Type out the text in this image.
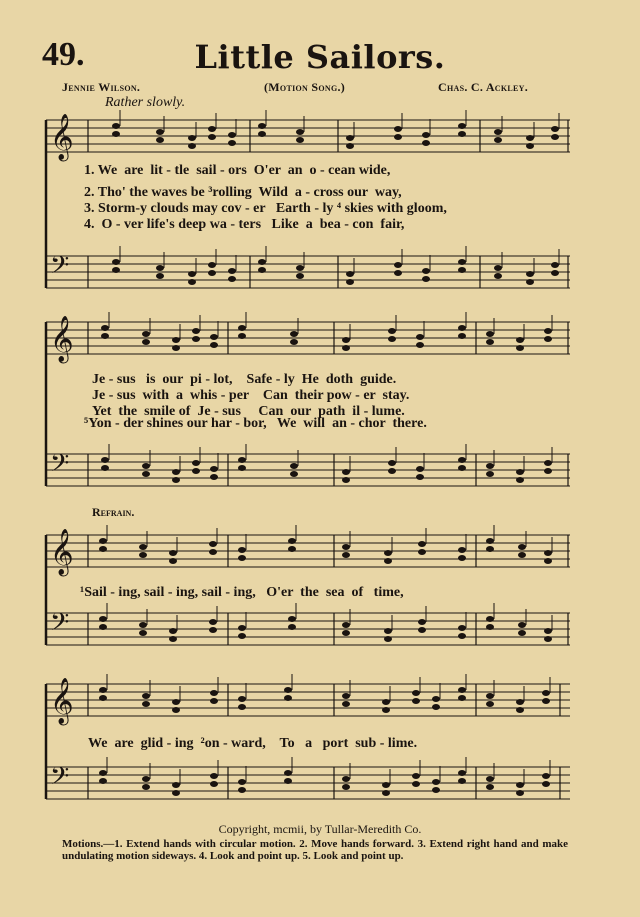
49.	Little Sailors.
Jennie Wilson.	(Motion Song.)	Chas. C. Ackley.
Rather slowly.
Refrain.
𝄞
𝄢
𝄞
𝄢
𝄞
𝄢
𝄞
𝄢
1. We  are  lit - tle  sail - ors  O'er  an  o - cean wide,
2. Tho' the waves be ³rolling  Wild  a - cross our  way,
3. Storm-y clouds may cov - er   Earth - ly ⁴ skies with gloom,
4.  O - ver life's deep wa - ters   Like  a  bea - con  fair,
Je - sus   is  our  pi - lot,    Safe - ly  He  doth  guide.
Je - sus  with  a  whis - per    Can  their pow - er  stay.
Yet  the  smile of  Je - sus     Can  our  path  il - lume.
⁵Yon - der shines our har - bor,   We  will  an - chor  there.
¹Sail - ing, sail - ing, sail - ing,   O'er  the  sea  of   time,
We  are  glid - ing  ²on - ward,    To   a   port  sub - lime.
Copyright, mcmii, by Tullar-Meredith Co.
Motions.—1. Extend hands with circular motion. 2. Move hands forward. 3. Extend right hand and make undulating motion sideways. 4. Look and point up. 5. Look and point up.
